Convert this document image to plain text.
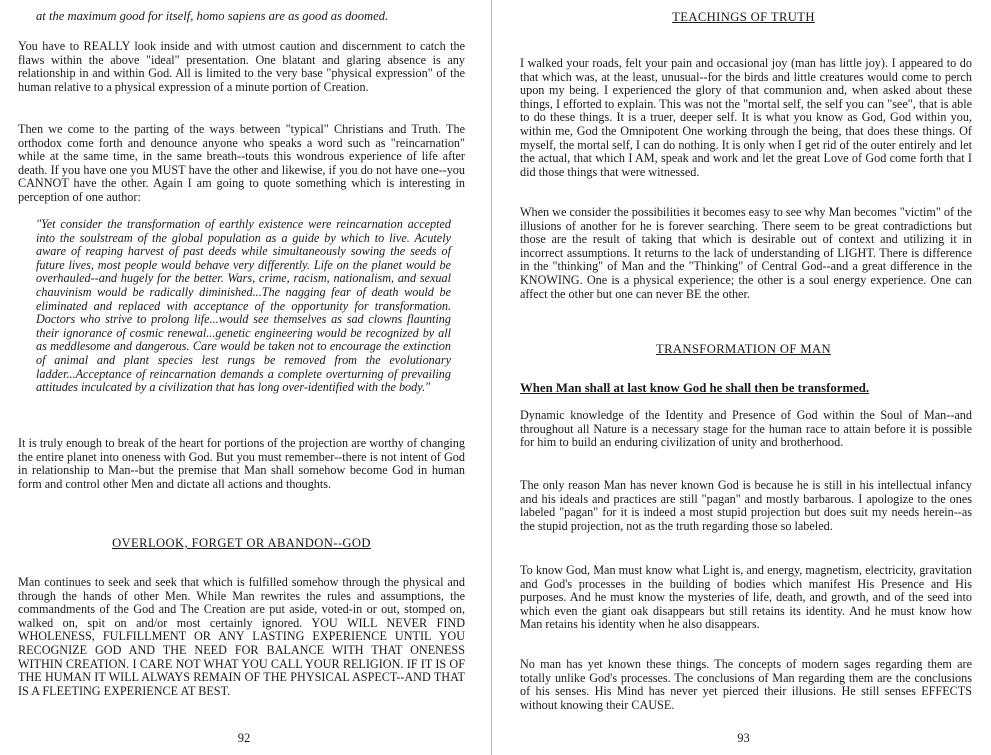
at the maximum good for itself, homo sapiens are as good as doomed.

You have to REALLY look inside and with utmost caution and discernment to catch the flaws within the above "ideal" presentation. One blatant and glaring absence is any relationship in and within God. All is limited to the very base "physical expression" of the human relative to a physical expression of a minute portion of Creation.

Then we come to the parting of the ways between "typical" Christians and Truth. The orthodox come forth and denounce anyone who speaks a word such as "reincarnation" while at the same time, in the same breath--touts this wondrous experience of life after death. If you have one you MUST have the other and likewise, if you do not have one--you CANNOT have the other. Again I am going to quote something which is interesting in perception of one author:

"Yet consider the transformation of earthly existence were reincarnation accepted into the soulstream of the global population as a guide by which to live. Acutely aware of reaping harvest of past deeds while simultaneously sowing the seeds of future lives, most people would behave very differently. Life on the planet would be overhauled--and hugely for the better. Wars, crime, racism, nationalism, and sexual chauvinism would be radically diminished...The nagging fear of death would be eliminated and replaced with acceptance of the opportunity for transformation. Doctors who strive to prolong life...would see themselves as sad clowns flaunting their ignorance of cosmic renewal...genetic engineering would be recognized by all as meddlesome and dangerous. Care would be taken not to encourage the extinction of animal and plant species lest rungs be removed from the evolutionary ladder...Acceptance of reincarnation demands a complete overturning of prevailing attitudes inculcated by a civilization that has long over-identified with the body."

It is truly enough to break of the heart for portions of the projection are worthy of changing the entire planet into oneness with God. But you must remember--there is not intent of God in relationship to Man--but the premise that Man shall somehow become God in human form and control other Men and dictate all actions and thoughts.

OVERLOOK, FORGET OR ABANDON--GOD

Man continues to seek and seek that which is fulfilled somehow through the physical and through the hands of other Men. While Man rewrites the rules and assumptions, the commandments of the God and The Creation are put aside, voted-in or out, stomped on, walked on, spit on and/or most certainly ignored. YOU WILL NEVER FIND WHOLENESS, FULFILLMENT OR ANY LASTING EXPERIENCE UNTIL YOU RECOGNIZE GOD AND THE NEED FOR BALANCE WITH THAT ONENESS WITHIN CREATION. I CARE NOT WHAT YOU CALL YOUR RELIGION. IF IT IS OF THE HUMAN IT WILL ALWAYS REMAIN OF THE PHYSICAL ASPECT--AND THAT IS A FLEETING EXPERIENCE AT BEST.

92

TEACHINGS OF TRUTH

I walked your roads, felt your pain and occasional joy (man has little joy). I appeared to do that which was, at the least, unusual--for the birds and little creatures would come to perch upon my being. I experienced the glory of that communion and, when asked about these things, I efforted to explain. This was not the "mortal self, the self you can "see", that is able to do these things. It is a truer, deeper self. It is what you know as God, God within you, within me, God the Omnipotent One working through the being, that does these things. Of myself, the mortal self, I can do nothing. It is only when I get rid of the outer entirely and let the actual, that which I AM, speak and work and let the great Love of God come forth that I did those things that were witnessed.

When we consider the possibilities it becomes easy to see why Man becomes "victim" of the illusions of another for he is forever searching. There seem to be great contradictions but those are the result of taking that which is desirable out of context and utilizing it in incorrect assumptions. It returns to the lack of understanding of LIGHT. There is difference in the "thinking" of Man and the "Thinking" of Central God--and a great difference in the KNOWING. One is a physical experience; the other is a soul energy experience. One can affect the other but one can never BE the other.

TRANSFORMATION OF MAN

When Man shall at last know God he shall then be transformed.

Dynamic knowledge of the Identity and Presence of God within the Soul of Man--and throughout all Nature is a necessary stage for the human race to attain before it is possible for him to build an enduring civilization of unity and brotherhood.

The only reason Man has never known God is because he is still in his intellectual infancy and his ideals and practices are still "pagan" and mostly barbarous. I apologize to the ones labeled "pagan" for it is indeed a most stupid projection but does suit my needs herein--as the stupid projection, not as the truth regarding those so labeled.

To know God, Man must know what Light is, and energy, magnetism, electricity, gravitation and God's processes in the building of bodies which manifest His Presence and His purposes. And he must know the mysteries of life, death, and growth, and of the seed into which even the giant oak disappears but still retains its identity. And he must know how Man retains his identity when he also disappears.

No man has yet known these things. The concepts of modern sages regarding them are totally unlike God's processes. The conclusions of Man regarding them are the conclusions of his senses. His Mind has never yet pierced their illusions. He still senses EFFECTS without knowing their CAUSE.

93
